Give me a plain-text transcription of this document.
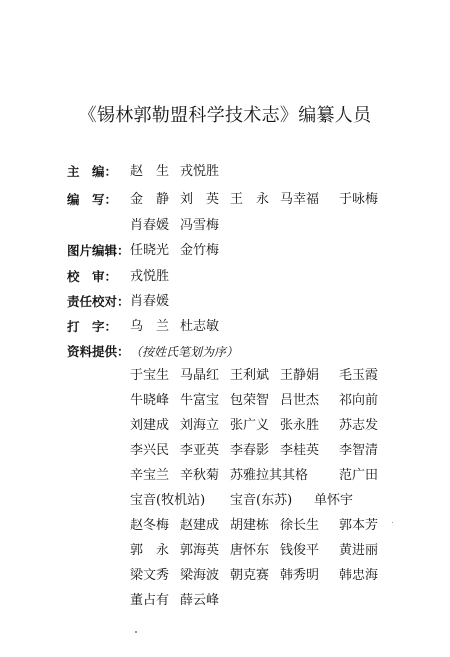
《锡林郭勒盟科学技术志》编纂人员
主　编： 赵　生 戎悦胜
编　写： 金　静 刘　英 王　永 马幸福 于咏梅
肖春媛 冯雪梅
图片编辑： 任晓光 金竹梅
校　审： 戎悦胜
责任校对： 肖春媛
打　字： 乌　兰 杜志敏
资料提供： （按姓氏笔划为序）
于宝生 马晶红 王利斌 王静娟 毛玉霞
牛晓峰 牛富宝 包荣智 吕世杰 祁向前
刘建成 刘海立 张广义 张永胜 苏志发
李兴民 李亚英 李春影 李桂英 李智清
辛宝兰 辛秋菊 苏雅拉其其格 范广田
宝音(牧机站) 宝音(东苏) 单怀宇
赵冬梅 赵建成 胡建栋 徐长生 郭本芳
郭　永 郭海英 唐怀东 钱俊平 黄进丽
梁文秀 梁海波 朝克赛 韩秀明 韩忠海
董占有 薛云峰
